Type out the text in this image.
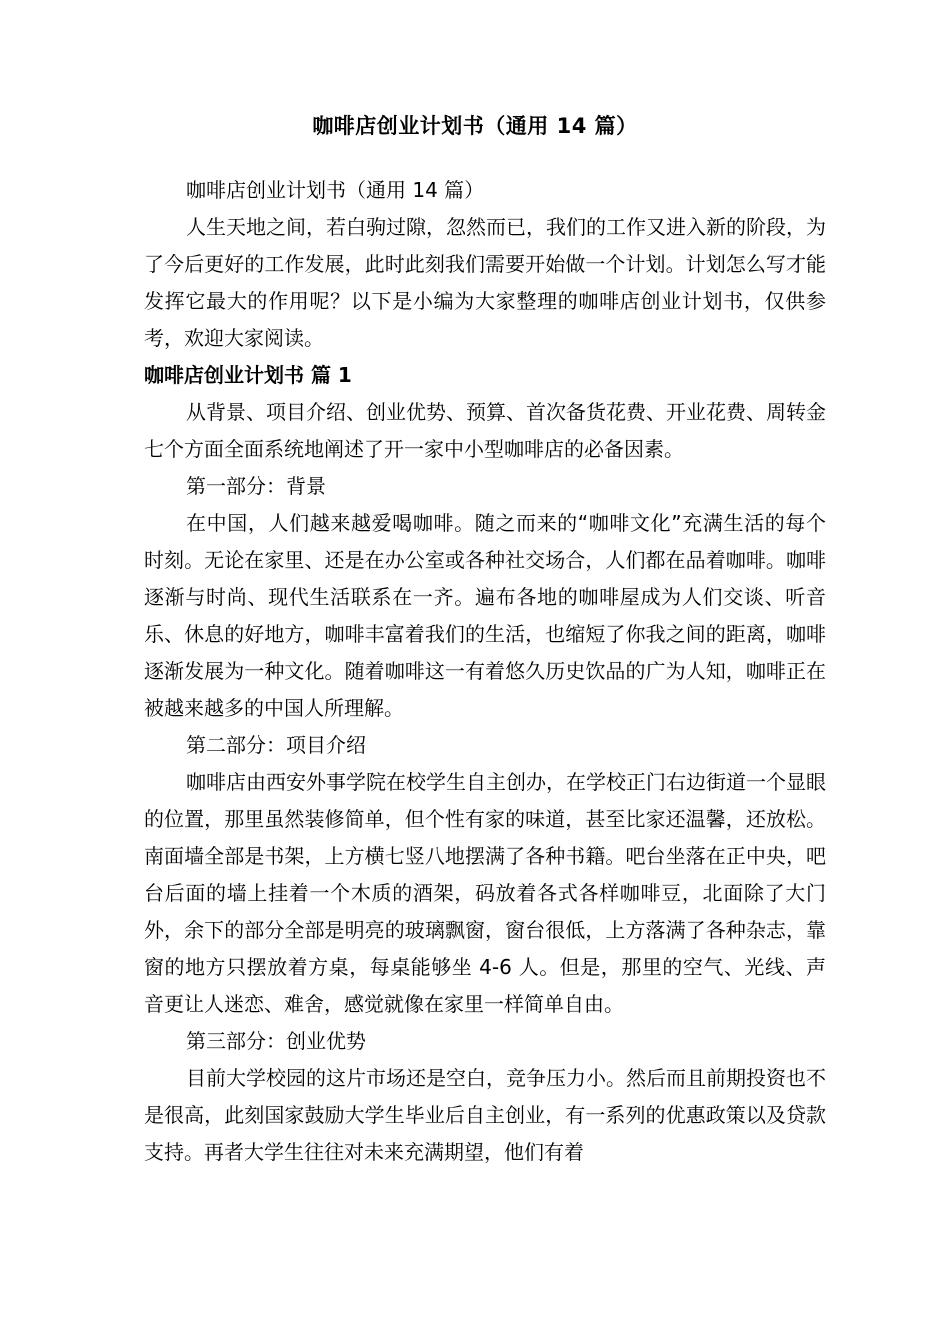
咖啡店创业计划书（通用 14 篇）

咖啡店创业计划书（通用 14 篇）

人生天地之间，若白驹过隙，忽然而已，我们的工作又进入新的阶段，为了今后更好的工作发展，此时此刻我们需要开始做一个计划。计划怎么写才能发挥它最大的作用呢？以下是小编为大家整理的咖啡店创业计划书，仅供参考，欢迎大家阅读。

咖啡店创业计划书 篇 1

从背景、项目介绍、创业优势、预算、首次备货花费、开业花费、周转金七个方面全面系统地阐述了开一家中小型咖啡店的必备因素。

第一部分：背景

在中国，人们越来越爱喝咖啡。随之而来的“咖啡文化”充满生活的每个时刻。无论在家里、还是在办公室或各种社交场合，人们都在品着咖啡。咖啡逐渐与时尚、现代生活联系在一齐。遍布各地的咖啡屋成为人们交谈、听音乐、休息的好地方，咖啡丰富着我们的生活，也缩短了你我之间的距离，咖啡逐渐发展为一种文化。随着咖啡这一有着悠久历史饮品的广为人知，咖啡正在被越来越多的中国人所理解。

第二部分：项目介绍

咖啡店由西安外事学院在校学生自主创办，在学校正门右边街道一个显眼的位置，那里虽然装修简单，但个性有家的味道，甚至比家还温馨，还放松。南面墙全部是书架，上方横七竖八地摆满了各种书籍。吧台坐落在正中央，吧台后面的墙上挂着一个木质的酒架，码放着各式各样咖啡豆，北面除了大门外，余下的部分全部是明亮的玻璃飘窗，窗台很低，上方落满了各种杂志，靠窗的地方只摆放着方桌，每桌能够坐 4-6 人。但是，那里的空气、光线、声音更让人迷恋、难舍，感觉就像在家里一样简单自由。

第三部分：创业优势

目前大学校园的这片市场还是空白，竞争压力小。然后而且前期投资也不是很高，此刻国家鼓励大学生毕业后自主创业，有一系列的优惠政策以及贷款支持。再者大学生往往对未来充满期望，他们有着
